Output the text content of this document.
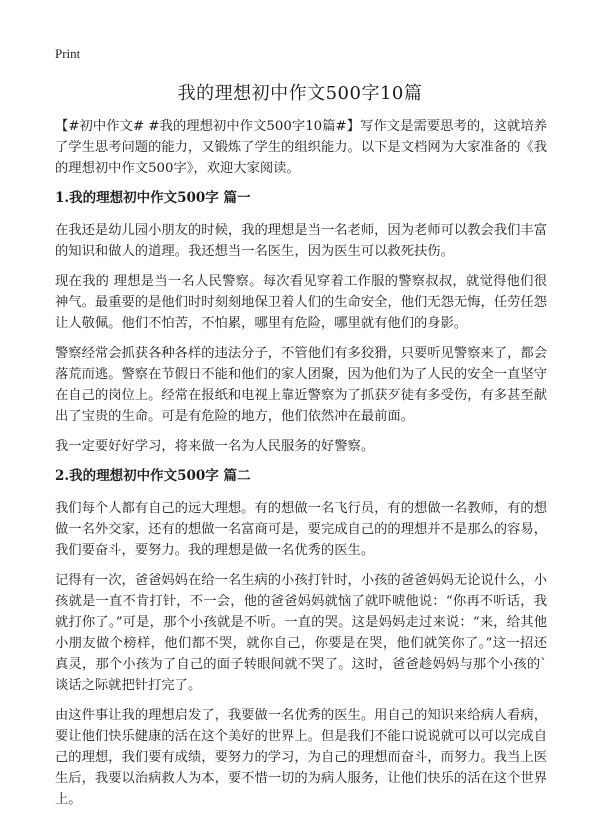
Print
我的理想初中作文500字10篇

【#初中作文# #我的理想初中作文500字10篇#】写作文是需要思考的，这就培养了学生思考问题的能力，又锻炼了学生的组织能力。以下是文档网为大家准备的《我的理想初中作文500字》，欢迎大家阅读。

1.我的理想初中作文500字 篇一

在我还是幼儿园小朋友的时候，我的理想是当一名老师，因为老师可以教会我们丰富的知识和做人的道理。我还想当一名医生，因为医生可以救死扶伤。

现在我的 理想是当一名人民警察。每次看见穿着工作服的警察叔叔，就觉得他们很神气。最重要的是他们时时刻刻地保卫着人们的生命安全，他们无怨无悔，任劳任怨让人敬佩。他们不怕苦，不怕累，哪里有危险，哪里就有他们的身影。

警察经常会抓获各种各样的违法分子，不管他们有多狡猾，只要听见警察来了，都会落荒而逃。警察在节假日不能和他们的家人团聚，因为他们为了人民的安全一直坚守在自己的岗位上。经常在报纸和电视上靠近警察为了抓获歹徒有多受伤，有多甚至献出了宝贵的生命。可是有危险的地方，他们依然冲在最前面。

我一定要好好学习，将来做一名为人民服务的好警察。

2.我的理想初中作文500字 篇二

我们每个人都有自己的远大理想。有的想做一名飞行员，有的想做一名教师，有的想做一名外交家，还有的想做一名富商可是，要完成自己的的理想并不是那么的容易，我们要奋斗，要努力。我的理想是做一名优秀的医生。

记得有一次，爸爸妈妈在给一名生病的小孩打针时，小孩的爸爸妈妈无论说什么，小孩就是一直不肯打针，不一会，他的爸爸妈妈就恼了就吓唬他说：“你再不听话，我就打你了。”可是，那个小孩就是不听。一直的哭。这是妈妈走过来说：“来，给其他小朋友做个榜样，他们都不哭，就你自己，你要是在哭，他们就笑你了。”这一招还真灵，那个小孩为了自己的面子转眼间就不哭了。这时，爸爸趁妈妈与那个小孩的`谈话之际就把针打完了。

由这件事让我的理想启发了，我要做一名优秀的医生。用自己的知识来给病人看病，要让他们快乐健康的活在这个美好的世界上。但是我们不能口说说就可以可以完成自己的理想，我们要有成绩，要努力的学习，为自己的理想而奋斗，而努力。我当上医生后，我要以治病救人为本，要不惜一切的为病人服务，让他们快乐的活在这个世界上。
